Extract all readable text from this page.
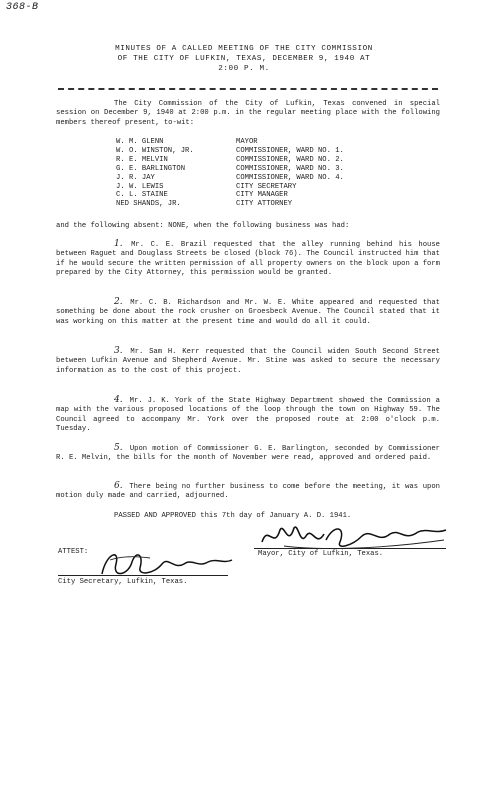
368-B
MINUTES OF A CALLED MEETING OF THE CITY COMMISSION
OF THE CITY OF LUFKIN, TEXAS, DECEMBER 9, 1940 AT
2:00 P. M.
The City Commission of the City of Lufkin, Texas convened in special session on December 9, 1940 at 2:00 p.m. in the regular meeting place with the following members thereof present, to-wit:
W. M. GLENN	MAYOR
W. O. WINSTON, JR.	COMMISSIONER, WARD NO. 1.
R. E. MELVIN	COMMISSIONER, WARD NO. 2.
G. E. BARLINGTON	COMMISSIONER, WARD NO. 3.
J. R. JAY	COMMISSIONER, WARD NO. 4.
J. W. LEWIS	CITY SECRETARY
C. L. STAINE	CITY MANAGER
NED SHANDS, JR.	CITY ATTORNEY
and the following absent: NONE, when the following business was had:
1. Mr. C. E. Brazil requested that the alley running behind his house between Raguet and Douglass Streets be closed (block 76). The Council instructed him that if he would secure the written permission of all property owners on the block upon a form prepared by the City Attorney, this permission would be granted.
2. Mr. C. B. Richardson and Mr. W. E. White appeared and requested that something be done about the rock crusher on Groesbeck Avenue. The Council stated that it was working on this matter at the present time and would do all it could.
3. Mr. Sam H. Kerr requested that the Council widen South Second Street between Lufkin Avenue and Shepherd Avenue. Mr. Stine was asked to secure the necessary information as to the cost of this project.
4. Mr. J. K. York of the State Highway Department showed the Commission a map with the various proposed locations of the loop through the town on Highway 59. The Council agreed to accompany Mr. York over the proposed route at 2:00 o'clock p.m. Tuesday.
5. Upon motion of Commissioner G. E. Barlington, seconded by Commissioner R. E. Melvin, the bills for the month of November were read, approved and ordered paid.
6. There being no further business to come before the meeting, it was upon motion duly made and carried, adjourned.
PASSED AND APPROVED this 7th day of January A. D. 1941.
Mayor, City of Lufkin, Texas.
ATTEST:
City Secretary, Lufkin, Texas.
